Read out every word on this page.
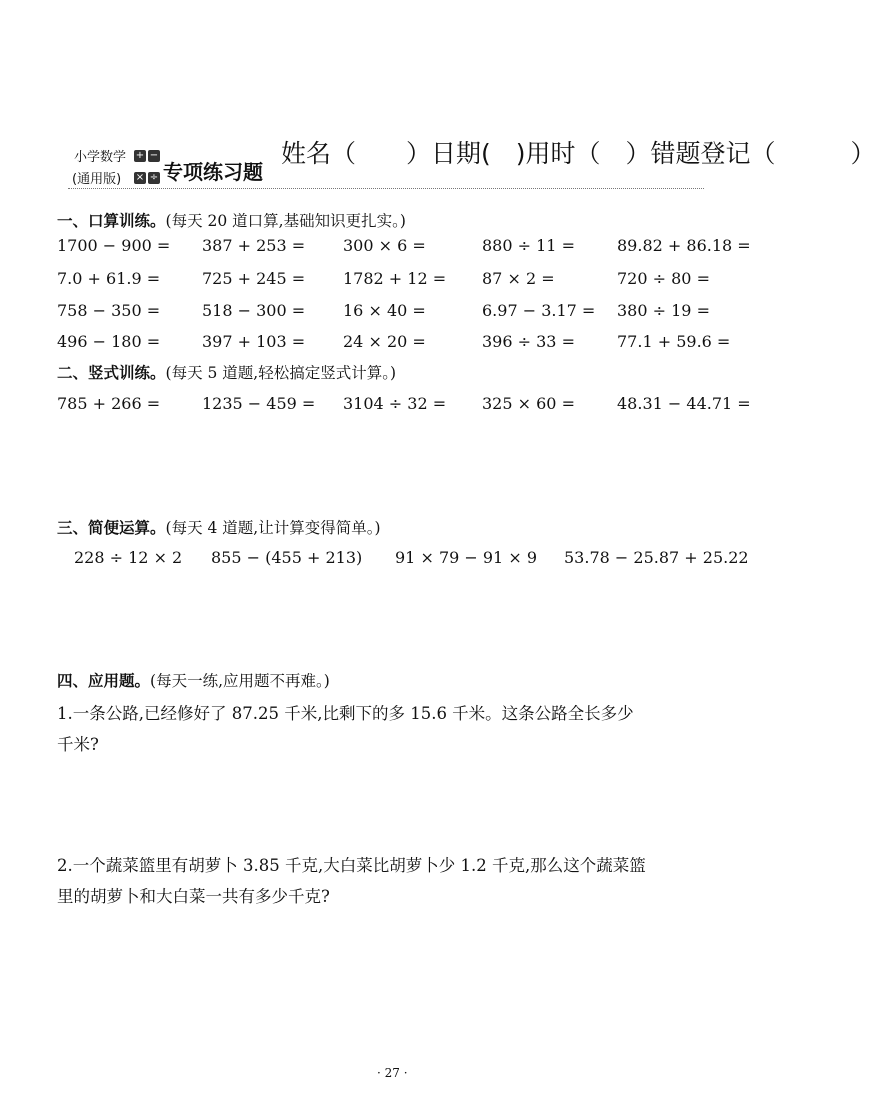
小学数学
(通用版)
+ −
× ÷ 专项练习题
姓名（　　）日期(　)用时（　）错题登记（　　　）
一、口算训练。(每天 20 道口算,基础知识更扎实。)
1700 − 900 = 387 + 253 = 300 × 6 =	880 ÷ 11 =	89.82 + 86.18 =
7.0 + 61.9 =	725 + 245 = 1782 + 12 = 87 × 2 =	720 ÷ 80 =
758 − 350 =	518 − 300 = 16 × 40 =	6.97 − 3.17 = 380 ÷ 19 =
496 − 180 =	397 + 103 = 24 × 20 =	396 ÷ 33 =	77.1 + 59.6 =
二、竖式训练。(每天 5 道题,轻松搞定竖式计算。)
785 + 266 =	1235 − 459 = 3104 ÷ 32 = 325 × 60 =	48.31 − 44.71 =
三、简便运算。(每天 4 道题,让计算变得简单。)
228 ÷ 12 × 2 855 − (455 + 213) 91 × 79 − 91 × 9 53.78 − 25.87 + 25.22
四、应用题。(每天一练,应用题不再难。)
1.一条公路,已经修好了 87.25 千米,比剩下的多 15.6 千米。这条公路全长多少
千米?
2.一个蔬菜篮里有胡萝卜 3.85 千克,大白菜比胡萝卜少 1.2 千克,那么这个蔬菜篮
里的胡萝卜和大白菜一共有多少千克?
· 27 ·
